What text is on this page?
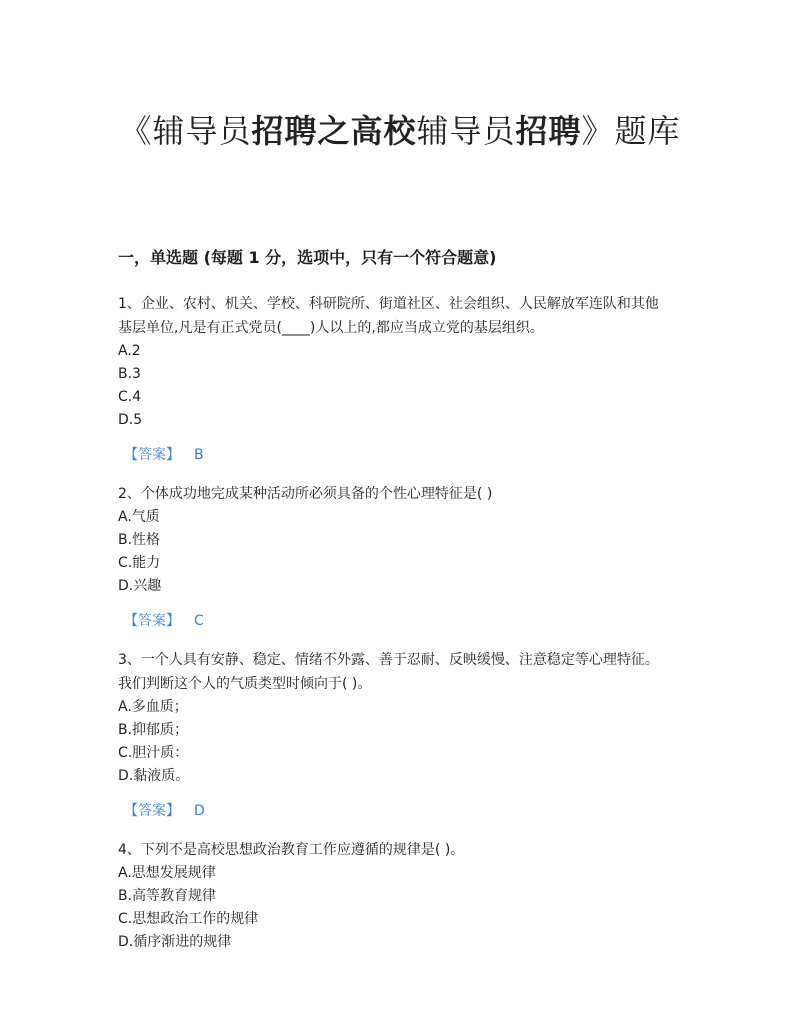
《辅导员招聘之高校辅导员招聘》题库
一，单选题 (每题 1 分，选项中，只有一个符合题意)
1、企业、农村、机关、学校、科研院所、街道社区、社会组织、人民解放军连队和其他
基层单位,凡是有正式党员(____)人以上的,都应当成立党的基层组织。
A.2
B.3
C.4
D.5
【答案】 B
2、个体成功地完成某种活动所必须具备的个性心理特征是( )
A.气质
B.性格
C.能力
D.兴趣
【答案】 C
3、一个人具有安静、稳定、情绪不外露、善于忍耐、反映缓慢、注意稳定等心理特征。
我们判断这个人的气质类型时倾向于( )。
A.多血质；
B.抑郁质；
C.胆汁质：
D.黏液质。
【答案】 D
4、下列不是高校思想政治教育工作应遵循的规律是( )。
A.思想发展规律
B.高等教育规律
C.思想政治工作的规律
D.循序渐进的规律
